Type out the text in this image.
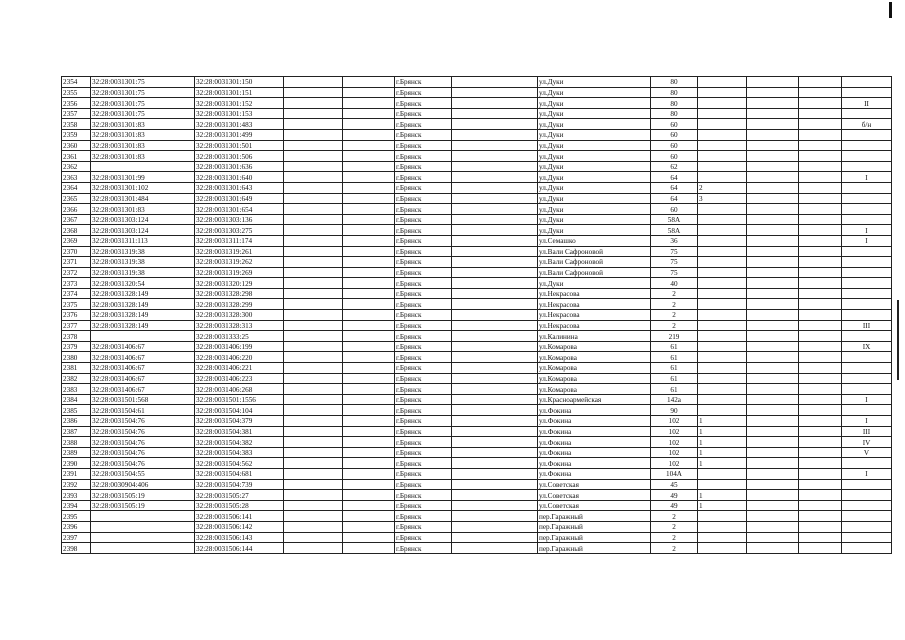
2354	32:28:0031301:75	32:28:0031301:150			г.Брянск		ул.Дуки	80				
2355	32:28:0031301:75	32:28:0031301:151			г.Брянск		ул.Дуки	80				
2356	32:28:0031301:75	32:28:0031301:152			г.Брянск		ул.Дуки	80				II
2357	32:28:0031301:75	32:28:0031301:153			г.Брянск		ул.Дуки	80				
2358	32:28:0031301:83	32:28:0031301:483			г.Брянск		ул.Дуки	60				б/н
2359	32:28:0031301:83	32:28:0031301:499			г.Брянск		ул.Дуки	60				
2360	32:28:0031301:83	32:28:0031301:501			г.Брянск		ул.Дуки	60				
2361	32:28:0031301:83	32:28:0031301:506			г.Брянск		ул.Дуки	60				
2362		32:28:0031301:636			г.Брянск		ул.Дуки	62				
2363	32:28:0031301:99	32:28:0031301:640			г.Брянск		ул.Дуки	64				I
2364	32:28:0031301:102	32:28:0031301:643			г.Брянск		ул.Дуки	64	2			
2365	32:28:0031301:484	32:28:0031301:649			г.Брянск		ул.Дуки	64	3			
2366	32:28:0031301:83	32:28:0031301:654			г.Брянск		ул.Дуки	60				
2367	32:28:0031303:124	32:28:0031303:136			г.Брянск		ул.Дуки	58А				
2368	32:28:0031303:124	32:28:0031303:275			г.Брянск		ул.Дуки	58А				I
2369	32:28:0031311:113	32:28:0031311:174			г.Брянск		ул.Семашко	36				I
2370	32:28:0031319:38	32:28:0031319:261			г.Брянск		ул.Вали Сафроновой	75				
2371	32:28:0031319:38	32:28:0031319:262			г.Брянск		ул.Вали Сафроновой	75				
2372	32:28:0031319:38	32:28:0031319:269			г.Брянск		ул.Вали Сафроновой	75				
2373	32:28:0031320:54	32:28:0031320:129			г.Брянск		ул.Дуки	40				
2374	32:28:0031328:149	32:28:0031328:298			г.Брянск		ул.Некрасова	2				
2375	32:28:0031328:149	32:28:0031328:299			г.Брянск		ул.Некрасова	2				
2376	32:28:0031328:149	32:28:0031328:300			г.Брянск		ул.Некрасова	2				
2377	32:28:0031328:149	32:28:0031328:313			г.Брянск		ул.Некрасова	2				III
2378		32:28:0031333:25			г.Брянск		ул.Калинина	219				
2379	32:28:0031406:67	32:28:0031406:199			г.Брянск		ул.Комарова	61				IX
2380	32:28:0031406:67	32:28:0031406:220			г.Брянск		ул.Комарова	61				
2381	32:28:0031406:67	32:28:0031406:221			г.Брянск		ул.Комарова	61				
2382	32:28:0031406:67	32:28:0031406:223			г.Брянск		ул.Комарова	61				
2383	32:28:0031406:67	32:28:0031406:268			г.Брянск		ул.Комарова	61				
2384	32:28:0031501:568	32:28:0031501:1556			г.Брянск		ул.Красноармейская	142а				I
2385	32:28:0031504:61	32:28:0031504:104			г.Брянск		ул.Фокина	90				
2386	32:28:0031504:76	32:28:0031504:379			г.Брянск		ул.Фокина	102	1			I
2387	32:28:0031504:76	32:28:0031504:381			г.Брянск		ул.Фокина	102	1			III
2388	32:28:0031504:76	32:28:0031504:382			г.Брянск		ул.Фокина	102	1			IV
2389	32:28:0031504:76	32:28:0031504:383			г.Брянск		ул.Фокина	102	1			V
2390	32:28:0031504:76	32:28:0031504:562			г.Брянск		ул.Фокина	102	1			
2391	32:28:0031504:55	32:28:0031504:681			г.Брянск		ул.Фокина	104А				I
2392	32:28:0030904:406	32:28:0031504:739			г.Брянск		ул.Советская	45				
2393	32:28:0031505:19	32:28:0031505:27			г.Брянск		ул.Советская	49	1			
2394	32:28:0031505:19	32:28:0031505:28			г.Брянск		ул.Советская	49	1			
2395		32:28:0031506:141			г.Брянск		пер.Гаражный	2				
2396		32:28:0031506:142			г.Брянск		пер.Гаражный	2				
2397		32:28:0031506:143			г.Брянск		пер.Гаражный	2				
2398		32:28:0031506:144			г.Брянск		пер.Гаражный	2				
